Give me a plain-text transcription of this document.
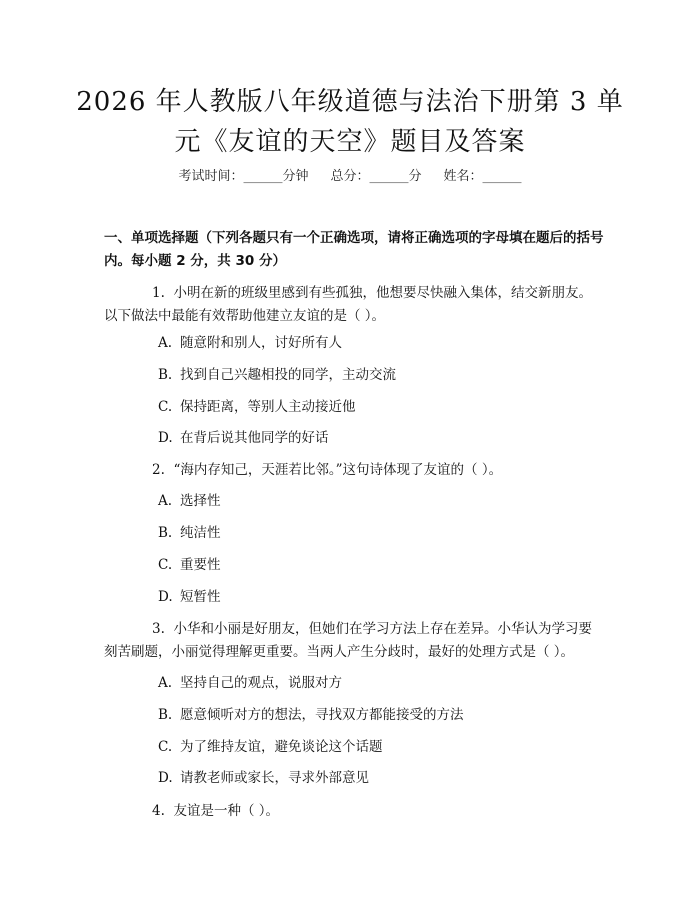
2026 年人教版八年级道德与法治下册第 3 单
元《友谊的天空》题目及答案
考试时间：______分钟 总分：______分 姓名：______
一、单项选择题（下列各题只有一个正确选项，请将正确选项的字母填在题后的括号内。每小题 2 分，共 30 分）
1. 小明在新的班级里感到有些孤独，他想要尽快融入集体，结交新朋友。以下做法中最能有效帮助他建立友谊的是（ ）。
A. 随意附和别人，讨好所有人
B. 找到自己兴趣相投的同学，主动交流
C. 保持距离，等别人主动接近他
D. 在背后说其他同学的好话
2. “海内存知己，天涯若比邻。”这句诗体现了友谊的（ ）。
A. 选择性
B. 纯洁性
C. 重要性
D. 短暂性
3. 小华和小丽是好朋友，但她们在学习方法上存在差异。小华认为学习要刻苦刷题，小丽觉得理解更重要。当两人产生分歧时，最好的处理方式是（ ）。
A. 坚持自己的观点，说服对方
B. 愿意倾听对方的想法，寻找双方都能接受的方法
C. 为了维持友谊，避免谈论这个话题
D. 请教老师或家长，寻求外部意见
4. 友谊是一种（ ）。
